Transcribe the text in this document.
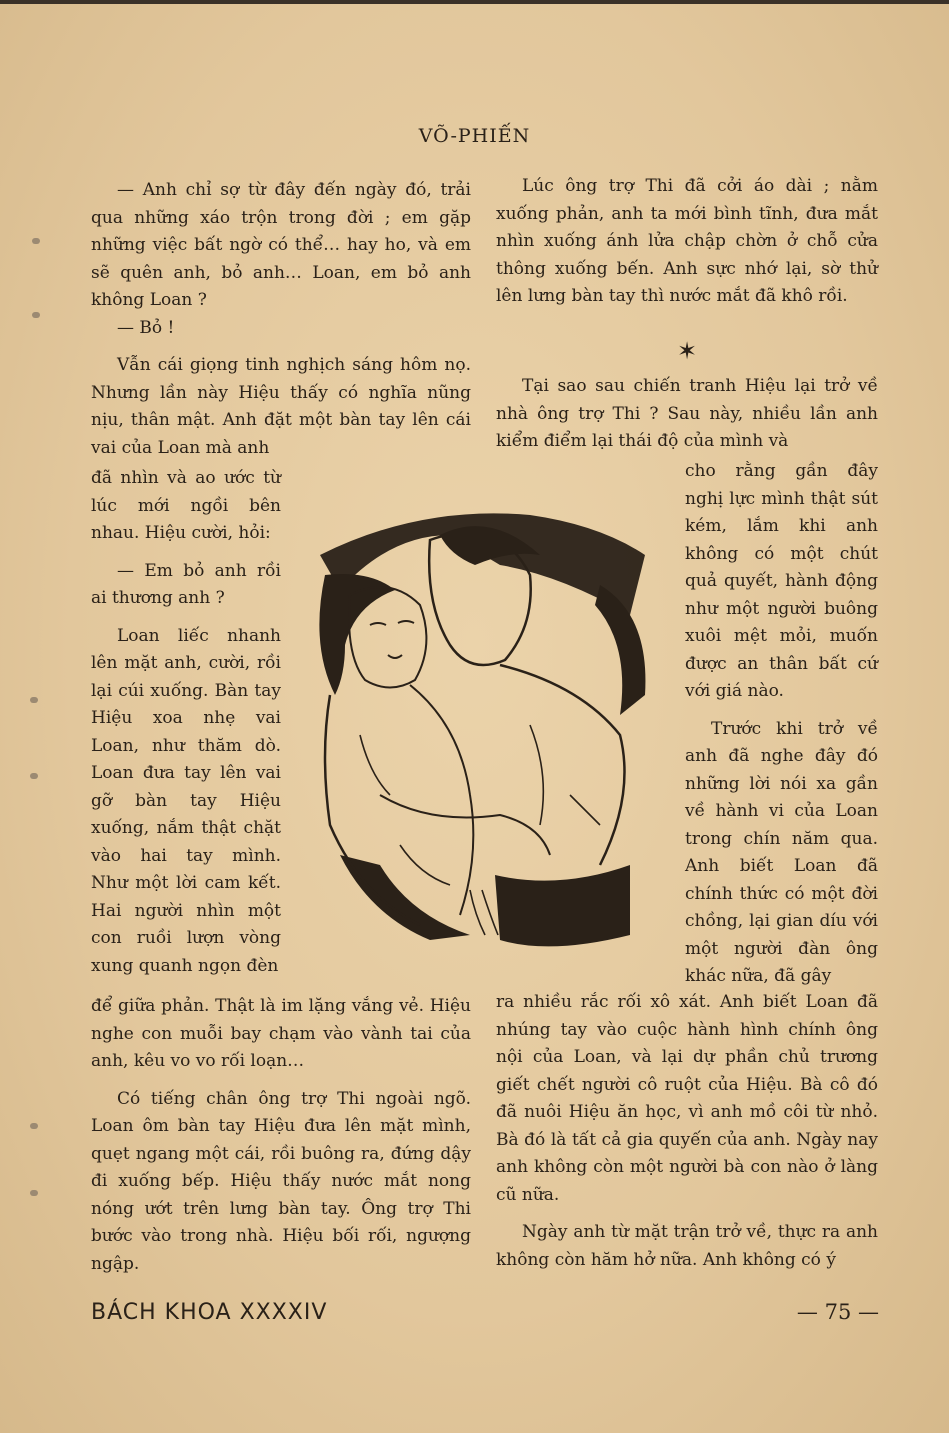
VÕ-PHIẾN

— Anh chỉ sợ từ đây đến ngày đó, trải qua những xáo trộn trong đời ; em gặp những việc bất ngờ có thể… hay ho, và em sẽ quên anh, bỏ anh… Loan, em bỏ anh không Loan ?

— Bỏ !

Vẫn cái giọng tinh nghịch sáng hôm nọ. Nhưng lần này Hiệu thấy có nghĩa nũng nịu, thân mật. Anh đặt một bàn tay lên cái vai của Loan mà anh

đã nhìn và ao ước từ lúc mới ngồi bên nhau. Hiệu cười, hỏi:

— Em bỏ anh rồi ai thương anh ?

Loan liếc nhanh lên mặt anh, cười, rồi lại cúi xuống. Bàn tay Hiệu xoa nhẹ vai Loan, như thăm dò. Loan đưa tay lên vai gỡ bàn tay Hiệu xuống, nắm thật chặt vào hai tay mình. Như một lời cam kết. Hai người nhìn một con ruồi lượn vòng xung quanh ngọn đèn

để giữa phản. Thật là im lặng vắng vẻ. Hiệu nghe con muỗi bay chạm vào vành tai của anh, kêu vo vo rối loạn…

Có tiếng chân ông trợ Thi ngoài ngõ. Loan ôm bàn tay Hiệu đưa lên mặt mình, quẹt ngang một cái, rồi buông ra, đứng dậy đi xuống bếp. Hiệu thấy nước mắt nong nóng ướt trên lưng bàn tay. Ông trợ Thi bước vào trong nhà. Hiệu bối rối, ngượng ngập.

Lúc ông trợ Thi đã cởi áo dài ; nằm xuống phản, anh ta mới bình tĩnh, đưa mắt nhìn xuống ánh lửa chập chờn ở chỗ cửa thông xuống bến. Anh sực nhớ lại, sờ thử lên lưng bàn tay thì nước mắt đã khô rồi.

✶

Tại sao sau chiến tranh Hiệu lại trở về nhà ông trợ Thi ? Sau này, nhiều lần anh kiểm điểm lại thái độ của mình và

cho rằng gần đây nghị lực mình thật sút kém, lắm khi anh không có một chút quả quyết, hành động như một người buông xuôi mệt mỏi, muốn được an thân bất cứ với giá nào.

Trước khi trở về anh đã nghe đây đó những lời nói xa gần về hành vi của Loan trong chín năm qua. Anh biết Loan đã chính thức có một đời chồng, lại gian díu với một người đàn ông khác nữa, đã gây

ra nhiều rắc rối xô xát. Anh biết Loan đã nhúng tay vào cuộc hành hình chính ông nội của Loan, và lại dự phần chủ trương giết chết người cô ruột của Hiệu. Bà cô đó đã nuôi Hiệu ăn học, vì anh mồ côi từ nhỏ. Bà đó là tất cả gia quyến của anh. Ngày nay anh không còn một người bà con nào ở làng cũ nữa.

Ngày anh từ mặt trận trở về, thực ra anh không còn hăm hở nữa. Anh không có ý

BÁCH KHOA XXXXIV	— 75 —
